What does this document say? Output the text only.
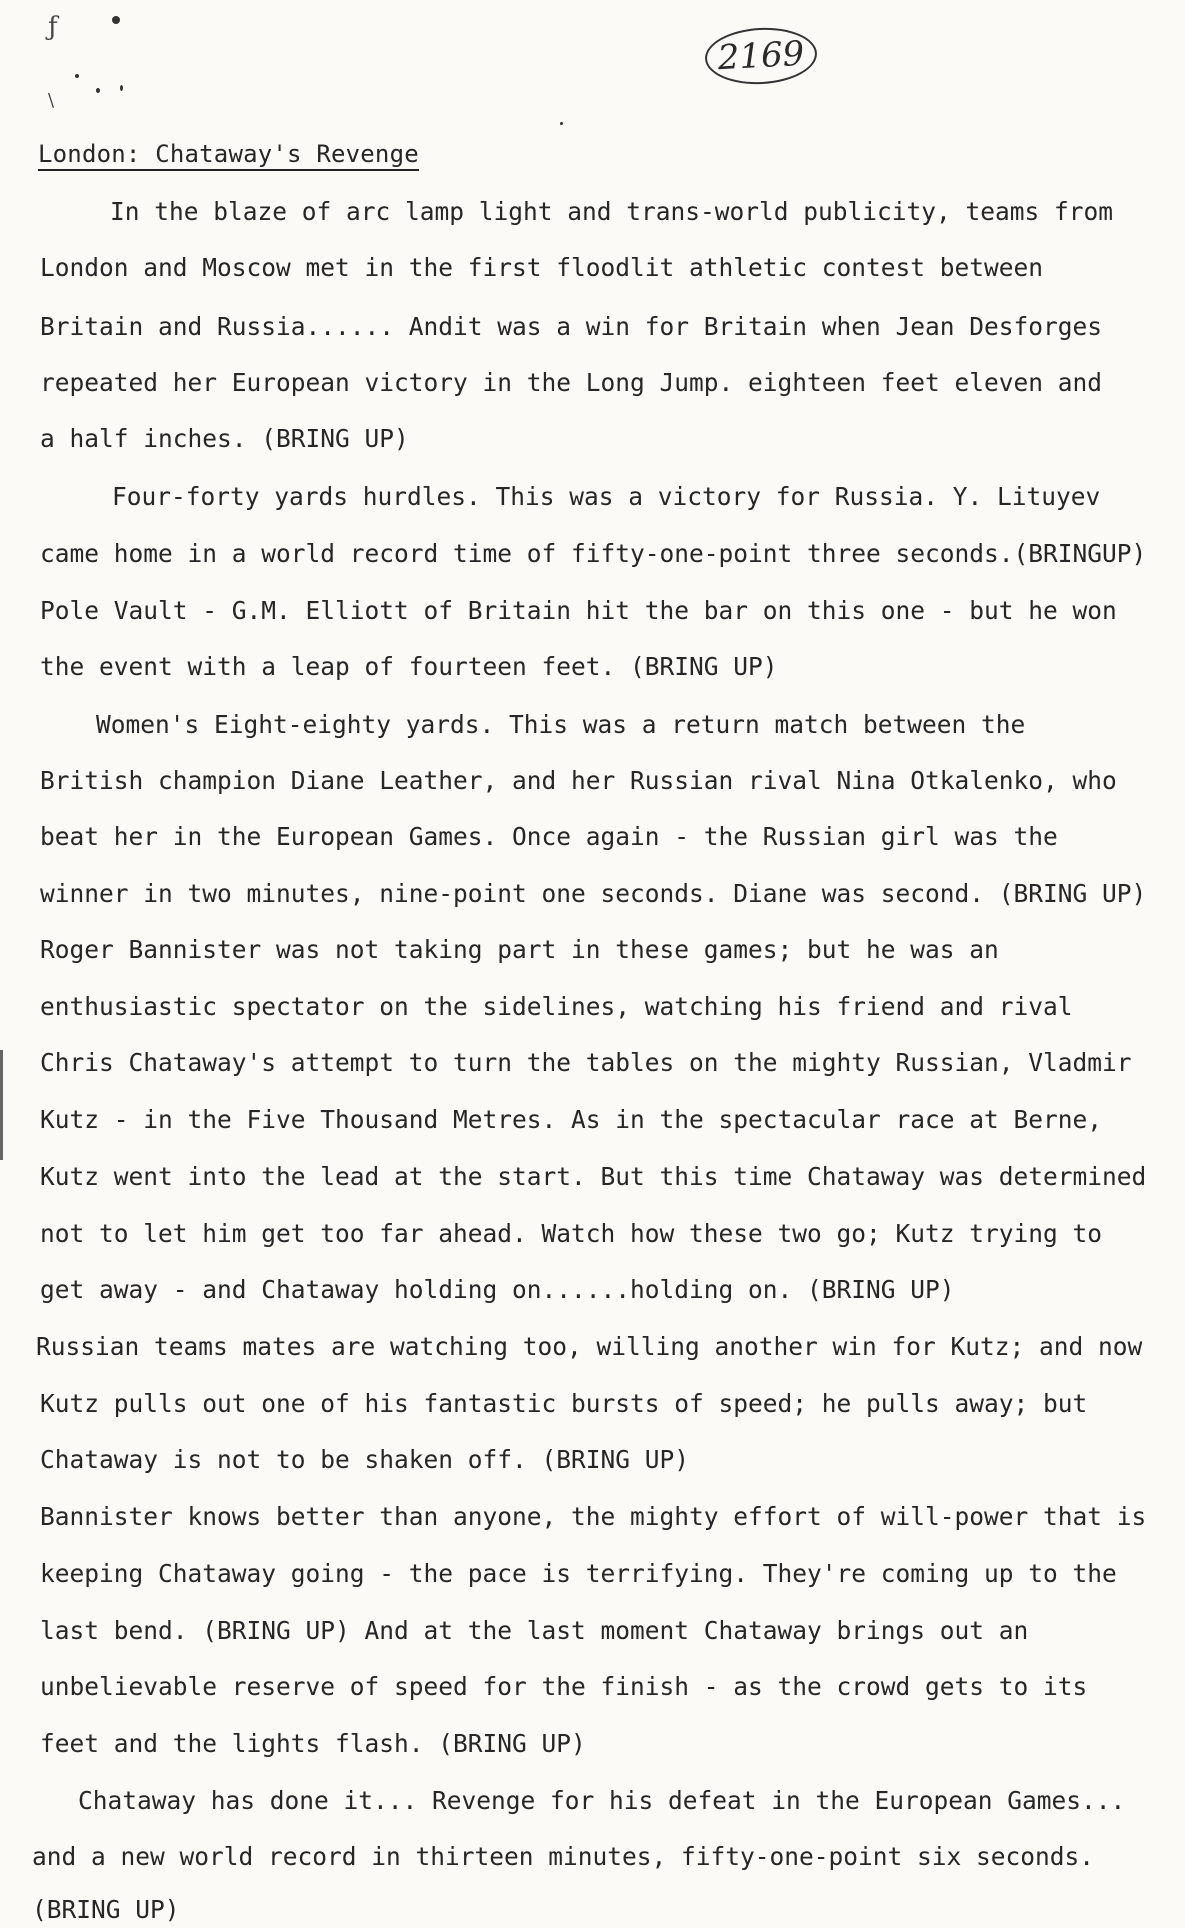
2169
ƒ
\
London: Chataway's Revenge
In the blaze of arc lamp light and trans-world publicity, teams from
London and Moscow met in the first floodlit athletic contest between
Britain and Russia...... Andit was a win for Britain when Jean Desforges
repeated her European victory in the Long Jump. eighteen feet eleven and
a half inches. (BRING UP)
Four-forty yards hurdles. This was a victory for Russia. Y. Lituyev
came home in a world record time of fifty-one-point three seconds.(BRINGUP)
Pole Vault - G.M. Elliott of Britain hit the bar on this one - but he won
the event with a leap of fourteen feet. (BRING UP)
Women's Eight-eighty yards. This was a return match between the
British champion Diane Leather, and her Russian rival Nina Otkalenko, who
beat her in the European Games. Once again - the Russian girl was the
winner in two minutes, nine-point one seconds. Diane was second. (BRING UP)
Roger Bannister was not taking part in these games; but he was an
enthusiastic spectator on the sidelines, watching his friend and rival
Chris Chataway's attempt to turn the tables on the mighty Russian, Vladmir
Kutz - in the Five Thousand Metres. As in the spectacular race at Berne,
Kutz went into the lead at the start. But this time Chataway was determined
not to let him get too far ahead. Watch how these two go; Kutz trying to
get away - and Chataway holding on......holding on. (BRING UP)
Russian teams mates are watching too, willing another win for Kutz; and now
Kutz pulls out one of his fantastic bursts of speed; he pulls away; but
Chataway is not to be shaken off. (BRING UP)
Bannister knows better than anyone, the mighty effort of will-power that is
keeping Chataway going - the pace is terrifying. They're coming up to the
last bend. (BRING UP) And at the last moment Chataway brings out an
unbelievable reserve of speed for the finish - as the crowd gets to its
feet and the lights flash. (BRING UP)
Chataway has done it... Revenge for his defeat in the European Games...
and a new world record in thirteen minutes, fifty-one-point six seconds.
(BRING UP)
